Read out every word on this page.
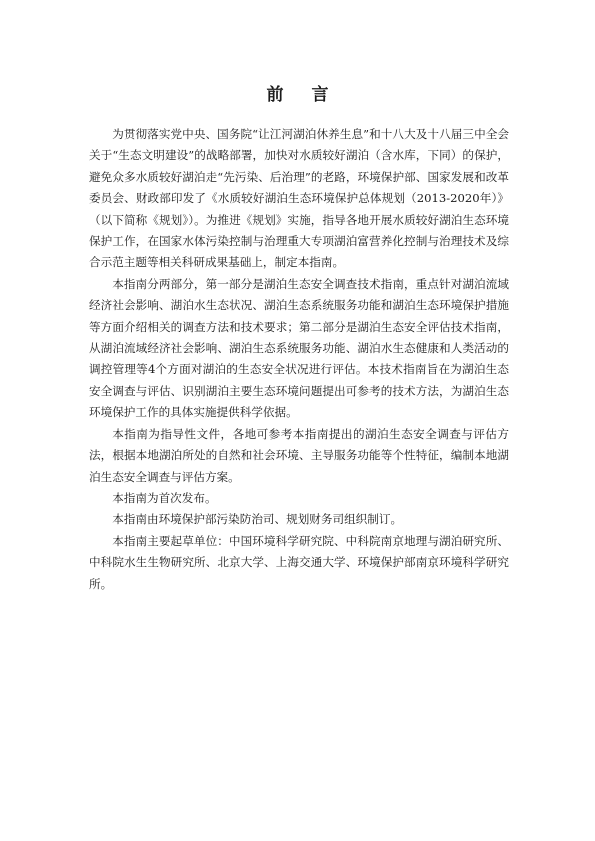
前言

为贯彻落实党中央、国务院“让江河湖泊休养生息”和十八大及十八届三中全会关于“生态文明建设”的战略部署，加快对水质较好湖泊（含水库，下同）的保护，避免众多水质较好湖泊走“先污染、后治理”的老路，环境保护部、国家发展和改革委员会、财政部印发了《水质较好湖泊生态环境保护总体规划（2013-2020年）》（以下简称《规划》）。为推进《规划》实施，指导各地开展水质较好湖泊生态环境保护工作，在国家水体污染控制与治理重大专项湖泊富营养化控制与治理技术及综合示范主题等相关科研成果基础上，制定本指南。

本指南分两部分，第一部分是湖泊生态安全调查技术指南，重点针对湖泊流域经济社会影响、湖泊水生态状况、湖泊生态系统服务功能和湖泊生态环境保护措施等方面介绍相关的调查方法和技术要求；第二部分是湖泊生态安全评估技术指南，从湖泊流域经济社会影响、湖泊生态系统服务功能、湖泊水生态健康和人类活动的调控管理等4个方面对湖泊的生态安全状况进行评估。本技术指南旨在为湖泊生态安全调查与评估、识别湖泊主要生态环境问题提出可参考的技术方法，为湖泊生态环境保护工作的具体实施提供科学依据。

本指南为指导性文件，各地可参考本指南提出的湖泊生态安全调查与评估方法，根据本地湖泊所处的自然和社会环境、主导服务功能等个性特征，编制本地湖泊生态安全调查与评估方案。

本指南为首次发布。

本指南由环境保护部污染防治司、规划财务司组织制订。

本指南主要起草单位：中国环境科学研究院、中科院南京地理与湖泊研究所、中科院水生生物研究所、北京大学、上海交通大学、环境保护部南京环境科学研究所。
